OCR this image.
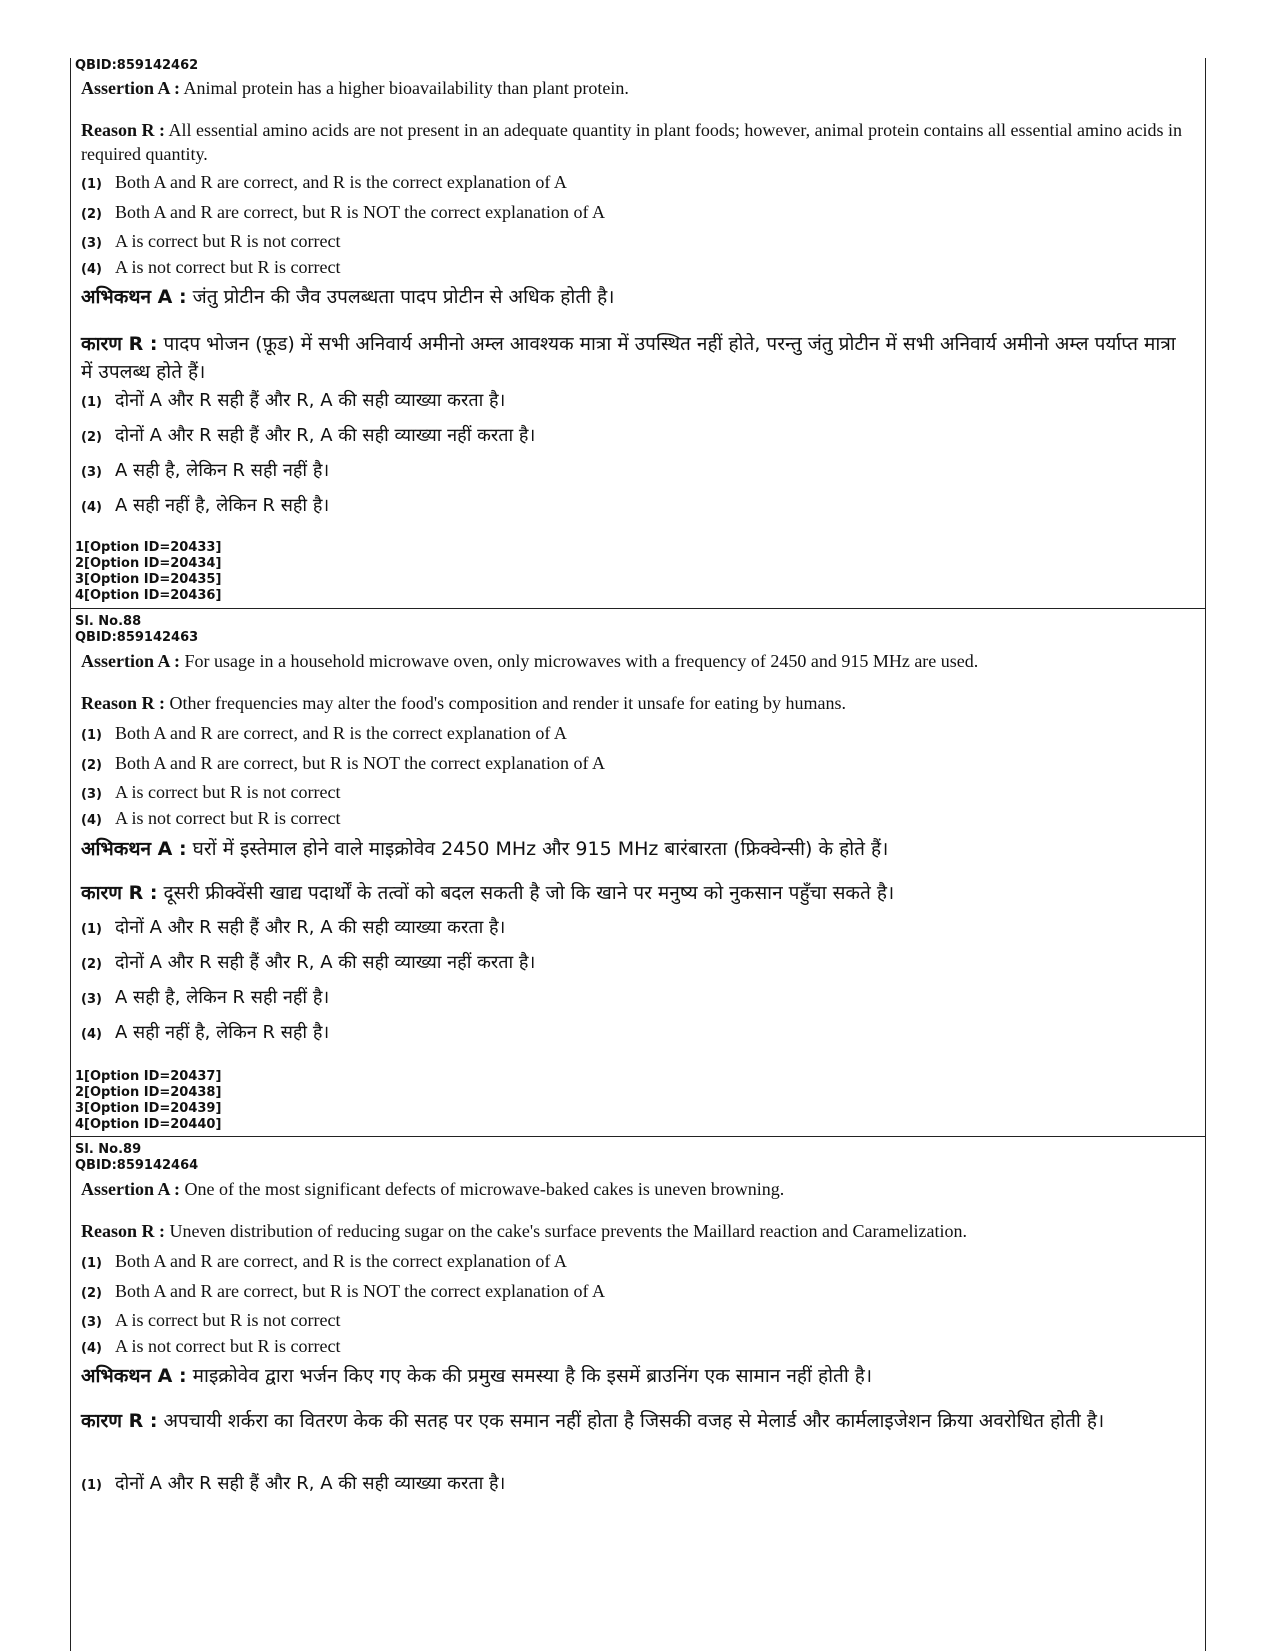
QBID:859142462
Assertion A : Animal protein has a higher bioavailability than plant protein.
Reason R : All essential amino acids are not present in an adequate quantity in plant foods; however, animal protein contains all essential amino acids in required quantity.
(1) Both A and R are correct, and R is the correct explanation of A
(2) Both A and R are correct, but R is NOT the correct explanation of A
(3) A is correct but R is not correct
(4) A is not correct but R is correct
अभिकथन A : जंतु प्रोटीन की जैव उपलब्धता पादप प्रोटीन से अधिक होती है।
कारण R : पादप भोजन (फ़ूड) में सभी अनिवार्य अमीनो अम्ल आवश्यक मात्रा में उपस्थित नहीं होते, परन्तु जंतु प्रोटीन में सभी अनिवार्य अमीनो अम्ल पर्याप्त मात्रा में उपलब्ध होते हैं।
(1) दोनों A और R सही हैं और R, A की सही व्याख्या करता है।
(2) दोनों A और R सही हैं और R, A की सही व्याख्या नहीं करता है।
(3) A सही है, लेकिन R सही नहीं है।
(4) A सही नहीं है, लेकिन R सही है।
1[Option ID=20433]
2[Option ID=20434]
3[Option ID=20435]
4[Option ID=20436]
Sl. No.88
QBID:859142463
Assertion A : For usage in a household microwave oven, only microwaves with a frequency of 2450 and 915 MHz are used.
Reason R : Other frequencies may alter the food's composition and render it unsafe for eating by humans.
(1) Both A and R are correct, and R is the correct explanation of A
(2) Both A and R are correct, but R is NOT the correct explanation of A
(3) A is correct but R is not correct
(4) A is not correct but R is correct
अभिकथन A : घरों में इस्तेमाल होने वाले माइक्रोवेव 2450 MHz और 915 MHz बारंबारता (फ्रिक्वेन्सी) के होते हैं।
कारण R : दूसरी फ्रीक्वेंसी खाद्य पदार्थों के तत्वों को बदल सकती है जो कि खाने पर मनुष्य को नुकसान पहुँचा सकते है।
(1) दोनों A और R सही हैं और R, A की सही व्याख्या करता है।
(2) दोनों A और R सही हैं और R, A की सही व्याख्या नहीं करता है।
(3) A सही है, लेकिन R सही नहीं है।
(4) A सही नहीं है, लेकिन R सही है।
1[Option ID=20437]
2[Option ID=20438]
3[Option ID=20439]
4[Option ID=20440]
Sl. No.89
QBID:859142464
Assertion A : One of the most significant defects of microwave-baked cakes is uneven browning.
Reason R : Uneven distribution of reducing sugar on the cake's surface prevents the Maillard reaction and Caramelization.
(1) Both A and R are correct, and R is the correct explanation of A
(2) Both A and R are correct, but R is NOT the correct explanation of A
(3) A is correct but R is not correct
(4) A is not correct but R is correct
अभिकथन A : माइक्रोवेव द्वारा भर्जन किए गए केक की प्रमुख समस्या है कि इसमें ब्राउनिंग एक सामान नहीं होती है।
कारण R : अपचायी शर्करा का वितरण केक की सतह पर एक समान नहीं होता है जिसकी वजह से मेलार्ड और कार्मलाइजेशन क्रिया अवरोधित होती है।
(1) दोनों A और R सही हैं और R, A की सही व्याख्या करता है।
